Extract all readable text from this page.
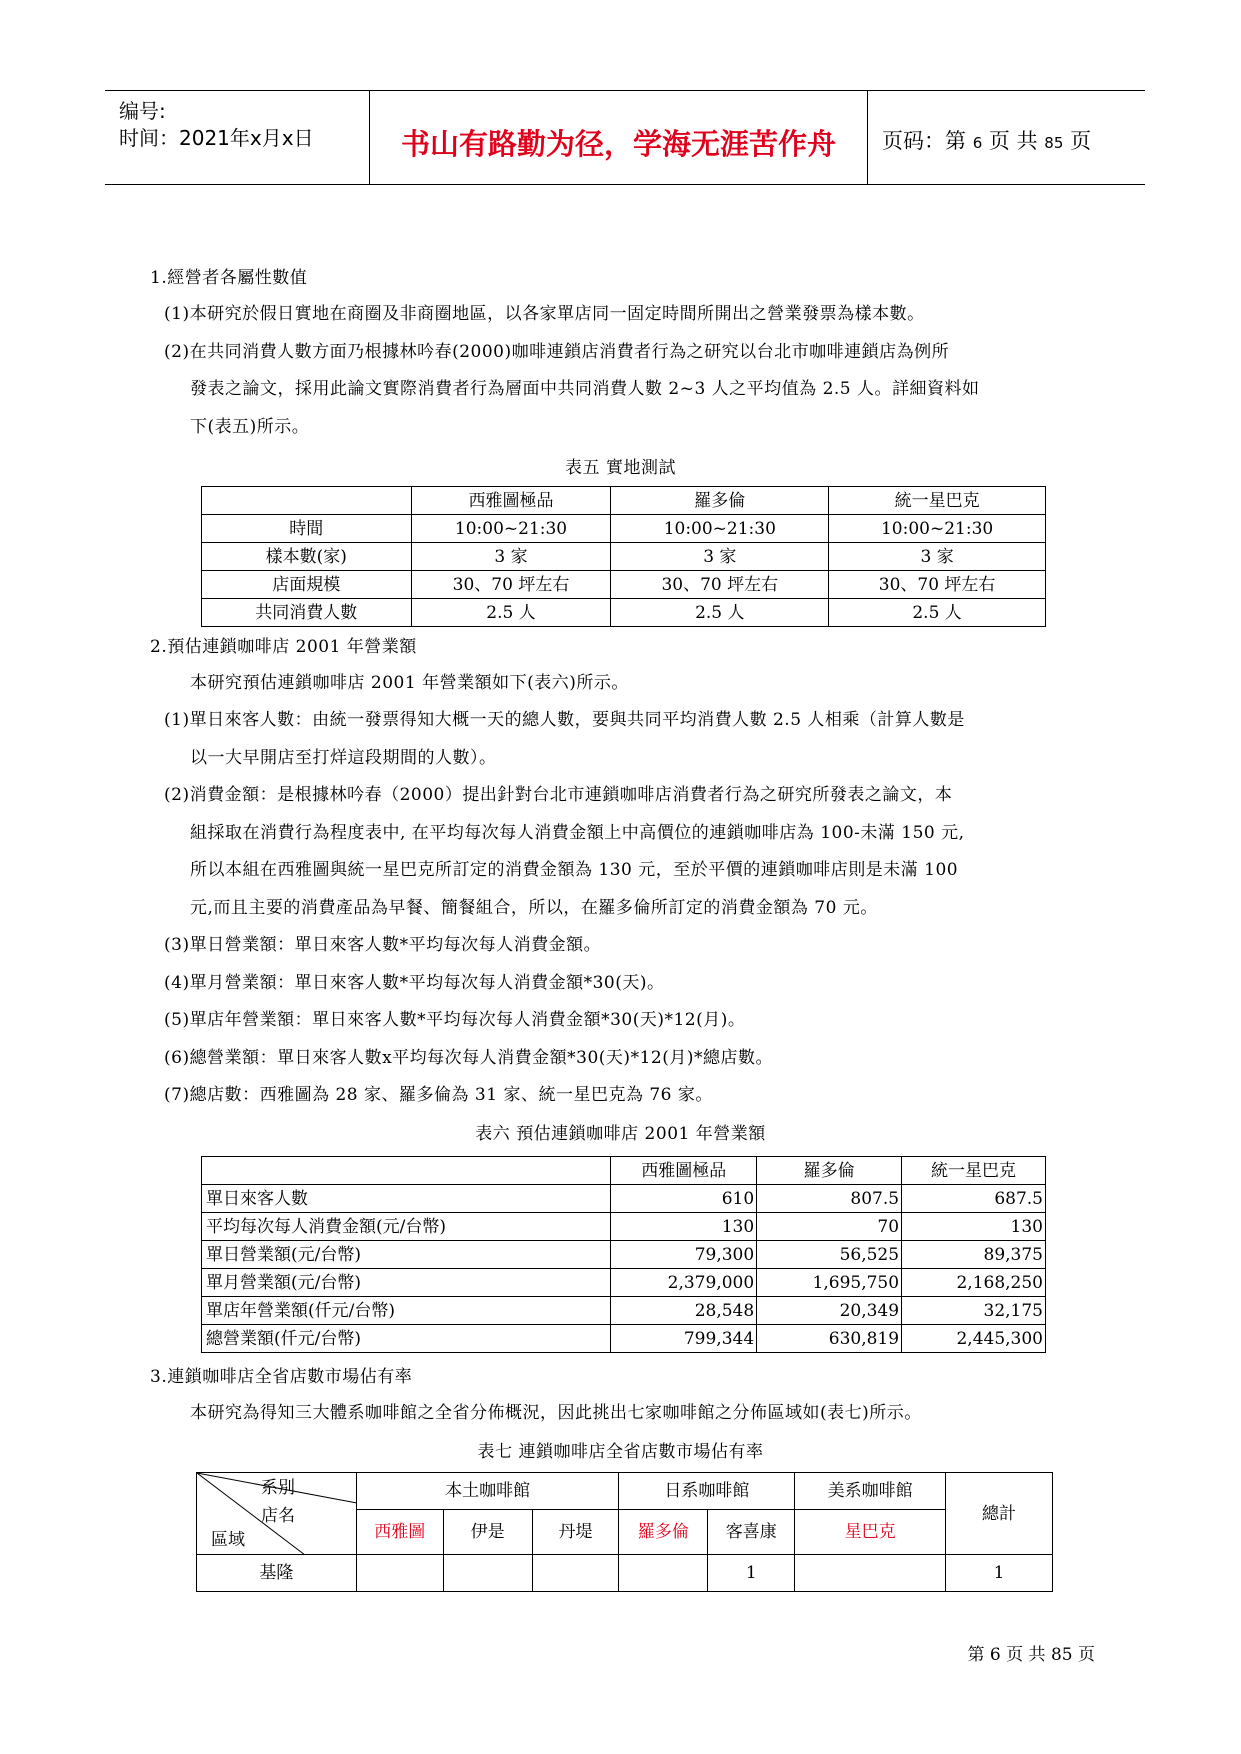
编号:
时间：2021年x月x日	书山有路勤为径，学海无涯苦作舟	页码：第 6 页 共 85 页
1.經營者各屬性數值
(1)本研究於假日實地在商圈及非商圈地區，以各家單店同一固定時間所開出之營業發票為樣本數。
(2)在共同消費人數方面乃根據林吟春(2000)咖啡連鎖店消費者行為之研究以台北市咖啡連鎖店為例所
發表之論文，採用此論文實際消費者行為層面中共同消費人數 2~3 人之平均值為 2.5 人。詳細資料如
下(表五)所示。
表五 實地測試
	西雅圖極品	羅多倫	統一星巴克
時間	10:00~21:30	10:00~21:30	10:00~21:30
樣本數(家)	3 家	3 家	3 家
店面規模	30、70 坪左右	30、70 坪左右	30、70 坪左右
共同消費人數	2.5 人	2.5 人	2.5 人
2.預估連鎖咖啡店 2001 年營業額
本研究預估連鎖咖啡店 2001 年營業額如下(表六)所示。
(1)單日來客人數：由統一發票得知大概一天的總人數，要與共同平均消費人數 2.5 人相乘（計算人數是
以一大早開店至打烊這段期間的人數）。
(2)消費金額：是根據林吟春（2000）提出針對台北市連鎖咖啡店消費者行為之研究所發表之論文，本
組採取在消費行為程度表中, 在平均每次每人消費金額上中高價位的連鎖咖啡店為 100-未滿 150 元,
所以本組在西雅圖與統一星巴克所訂定的消費金額為 130 元，至於平價的連鎖咖啡店則是未滿 100
元,而且主要的消費產品為早餐、簡餐組合，所以，在羅多倫所訂定的消費金額為 70 元。
(3)單日營業額：單日來客人數*平均每次每人消費金額。
(4)單月營業額：單日來客人數*平均每次每人消費金額*30(天)。
(5)單店年營業額：單日來客人數*平均每次每人消費金額*30(天)*12(月)。
(6)總營業額：單日來客人數x平均每次每人消費金額*30(天)*12(月)*總店數。
(7)總店數：西雅圖為 28 家、羅多倫為 31 家、統一星巴克為 76 家。
表六 預估連鎖咖啡店 2001 年營業額
	西雅圖極品	羅多倫	統一星巴克
單日來客人數	610	807.5	687.5
平均每次每人消費金額(元/台幣)	130	70	130
單日營業額(元/台幣)	79,300	56,525	89,375
單月營業額(元/台幣)	2,379,000	1,695,750	2,168,250
單店年營業額(仟元/台幣)	28,548	20,349	32,175
總營業額(仟元/台幣)	799,344	630,819	2,445,300
3.連鎖咖啡店全省店數市場佔有率
本研究為得知三大體系咖啡館之全省分佈概況，因此挑出七家咖啡館之分佈區域如(表七)所示。
表七 連鎖咖啡店全省店數市場佔有率
系別
店名
區域	本土咖啡館			日系咖啡館		美系咖啡館	總計
	西雅圖	伊是	丹堤	羅多倫	客喜康	星巴克	
基隆					1		1
第 6 页 共 85 页
